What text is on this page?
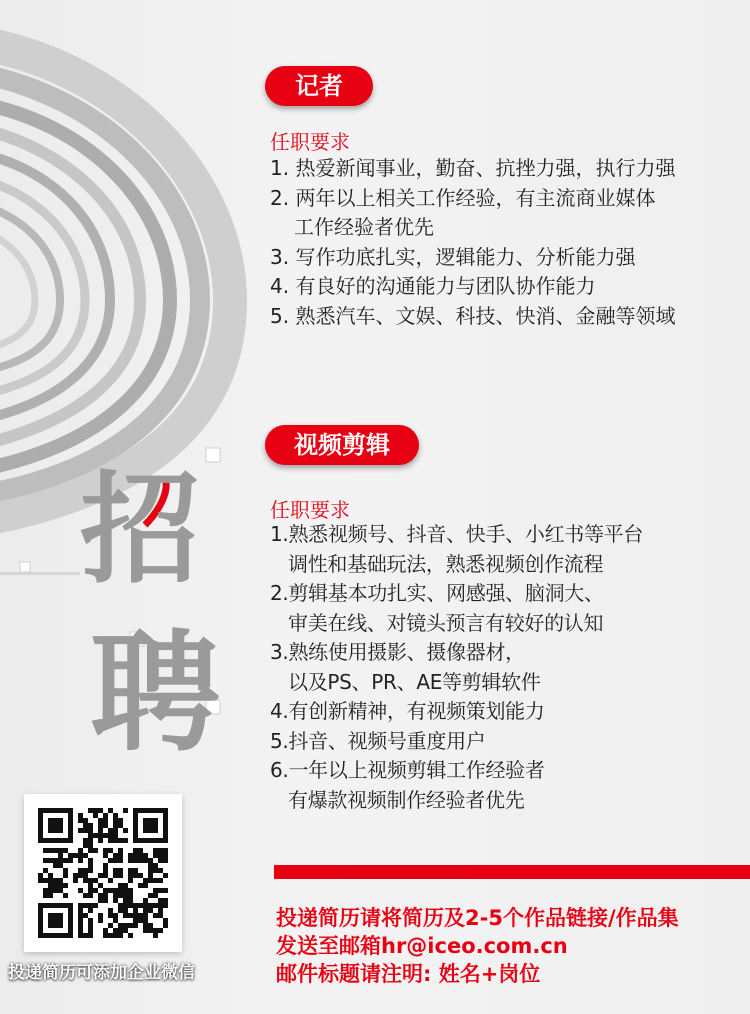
招
聘
记者
任职要求
1. 热爱新闻事业，勤奋、抗挫力强，执行力强
2. 两年以上相关工作经验，有主流商业媒体
工作经验者优先
3. 写作功底扎实，逻辑能力、分析能力强
4. 有良好的沟通能力与团队协作能力
5. 熟悉汽车、文娱、科技、快消、金融等领域
视频剪辑
任职要求
1.熟悉视频号、抖音、快手、小红书等平台
调性和基础玩法，熟悉视频创作流程
2.剪辑基本功扎实、网感强、脑洞大、
审美在线、对镜头预言有较好的认知
3.熟练使用摄影、摄像器材，
以及PS、PR、AE等剪辑软件
4.有创新精神，有视频策划能力
5.抖音、视频号重度用户
6.一年以上视频剪辑工作经验者
有爆款视频制作经验者优先
投递简历请将简历及2-5个作品链接/作品集
发送至邮箱hr@iceo.com.cn
邮件标题请注明: 姓名+岗位
投递简历可添加企业微信
